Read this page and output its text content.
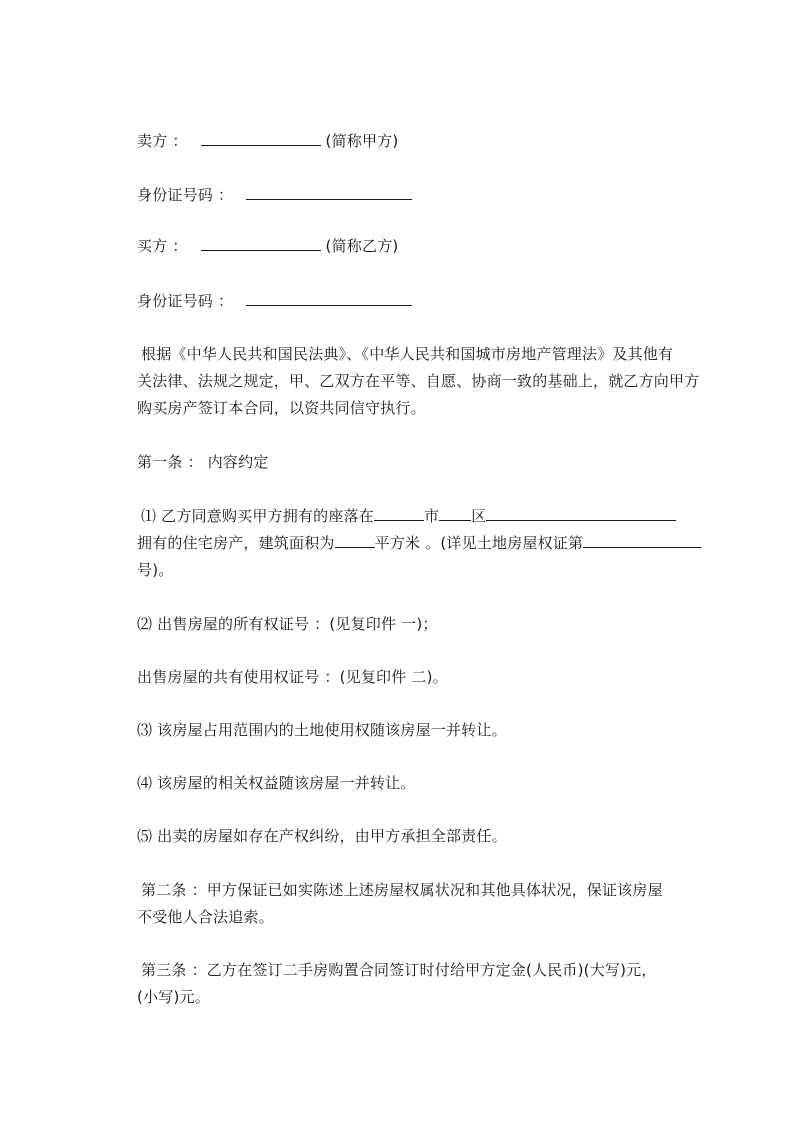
卖方 ：	(简称甲方)
身份证号码 ：
买方 ：	(简称乙方)
身份证号码 ：
根据《中华人民共和国民法典》、《中华人民共和国城市房地产管理法》及其他有
关法律、法规之规定，甲、乙双方在平等、自愿、协商一致的基础上，就乙方向甲方
购买房产签订本合同，以资共同信守执行。
第一条 ： 内容约定
⑴ 乙方同意购买甲方拥有的座落在	市 区
拥有的住宅房产，建筑面积为	平方米 。(详见土地房屋权证第
号)。
⑵ 出售房屋的所有权证号 ：(见复印件 一)；
出售房屋的共有使用权证号 ：(见复印件 二)。
⑶ 该房屋占用范围内的土地使用权随该房屋一并转让。
⑷ 该房屋的相关权益随该房屋一并转让。
⑸ 出卖的房屋如存在产权纠纷，由甲方承担全部责任。
第二条 ：甲方保证已如实陈述上述房屋权属状况和其他具体状况，保证该房屋
不受他人合法追索。
第三条 ：乙方在签订二手房购置合同签订时付给甲方定金(人民币)(大写)元，
(小写)元。
